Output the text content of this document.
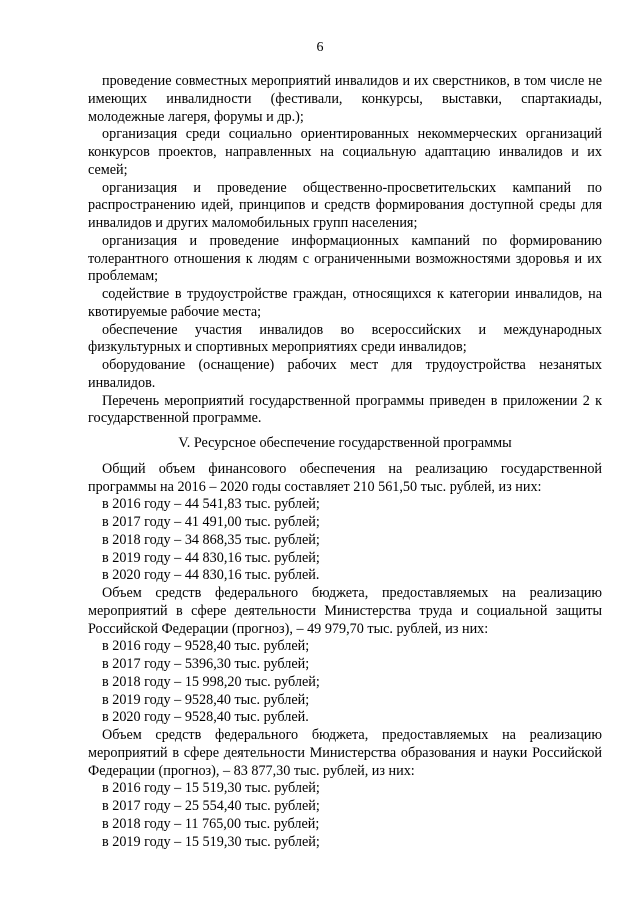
6

проведение совместных мероприятий инвалидов и их сверстников, в том числе не имеющих инвалидности (фестивали, конкурсы, выставки, спартакиады, молодежные лагеря, форумы и др.);

организация среди социально ориентированных некоммерческих организаций конкурсов проектов, направленных на социальную адаптацию инвалидов и их семей;

организация и проведение общественно-просветительских кампаний по распространению идей, принципов и средств формирования доступной среды для инвалидов и других маломобильных групп населения;

организация и проведение информационных кампаний по формированию толерантного отношения к людям с ограниченными возможностями здоровья и их проблемам;

содействие в трудоустройстве граждан, относящихся к категории инвалидов, на квотируемые рабочие места;

обеспечение участия инвалидов во всероссийских и международных физкультурных и спортивных мероприятиях среди инвалидов;

оборудование (оснащение) рабочих мест для трудоустройства незанятых инвалидов.

Перечень мероприятий государственной программы приведен в приложении 2 к государственной программе.

V. Ресурсное обеспечение государственной программы

Общий объем финансового обеспечения на реализацию государственной программы на 2016 – 2020 годы составляет 210 561,50 тыс. рублей, из них:

в 2016 году – 44 541,83 тыс. рублей;

в 2017 году – 41 491,00 тыс. рублей;

в 2018 году – 34 868,35 тыс. рублей;

в 2019 году – 44 830,16 тыс. рублей;

в 2020 году – 44 830,16 тыс. рублей.

Объем средств федерального бюджета, предоставляемых на реализацию мероприятий в сфере деятельности Министерства труда и социальной защиты Российской Федерации (прогноз), – 49 979,70 тыс. рублей, из них:

в 2016 году – 9528,40 тыс. рублей;

в 2017 году – 5396,30 тыс. рублей;

в 2018 году – 15 998,20 тыс. рублей;

в 2019 году – 9528,40 тыс. рублей;

в 2020 году – 9528,40 тыс. рублей.

Объем средств федерального бюджета, предоставляемых на реализацию мероприятий в сфере деятельности Министерства образования и науки Российской Федерации (прогноз), – 83 877,30 тыс. рублей, из них:

в 2016 году – 15 519,30 тыс. рублей;

в 2017 году – 25 554,40 тыс. рублей;

в 2018 году – 11 765,00 тыс. рублей;

в 2019 году – 15 519,30 тыс. рублей;
